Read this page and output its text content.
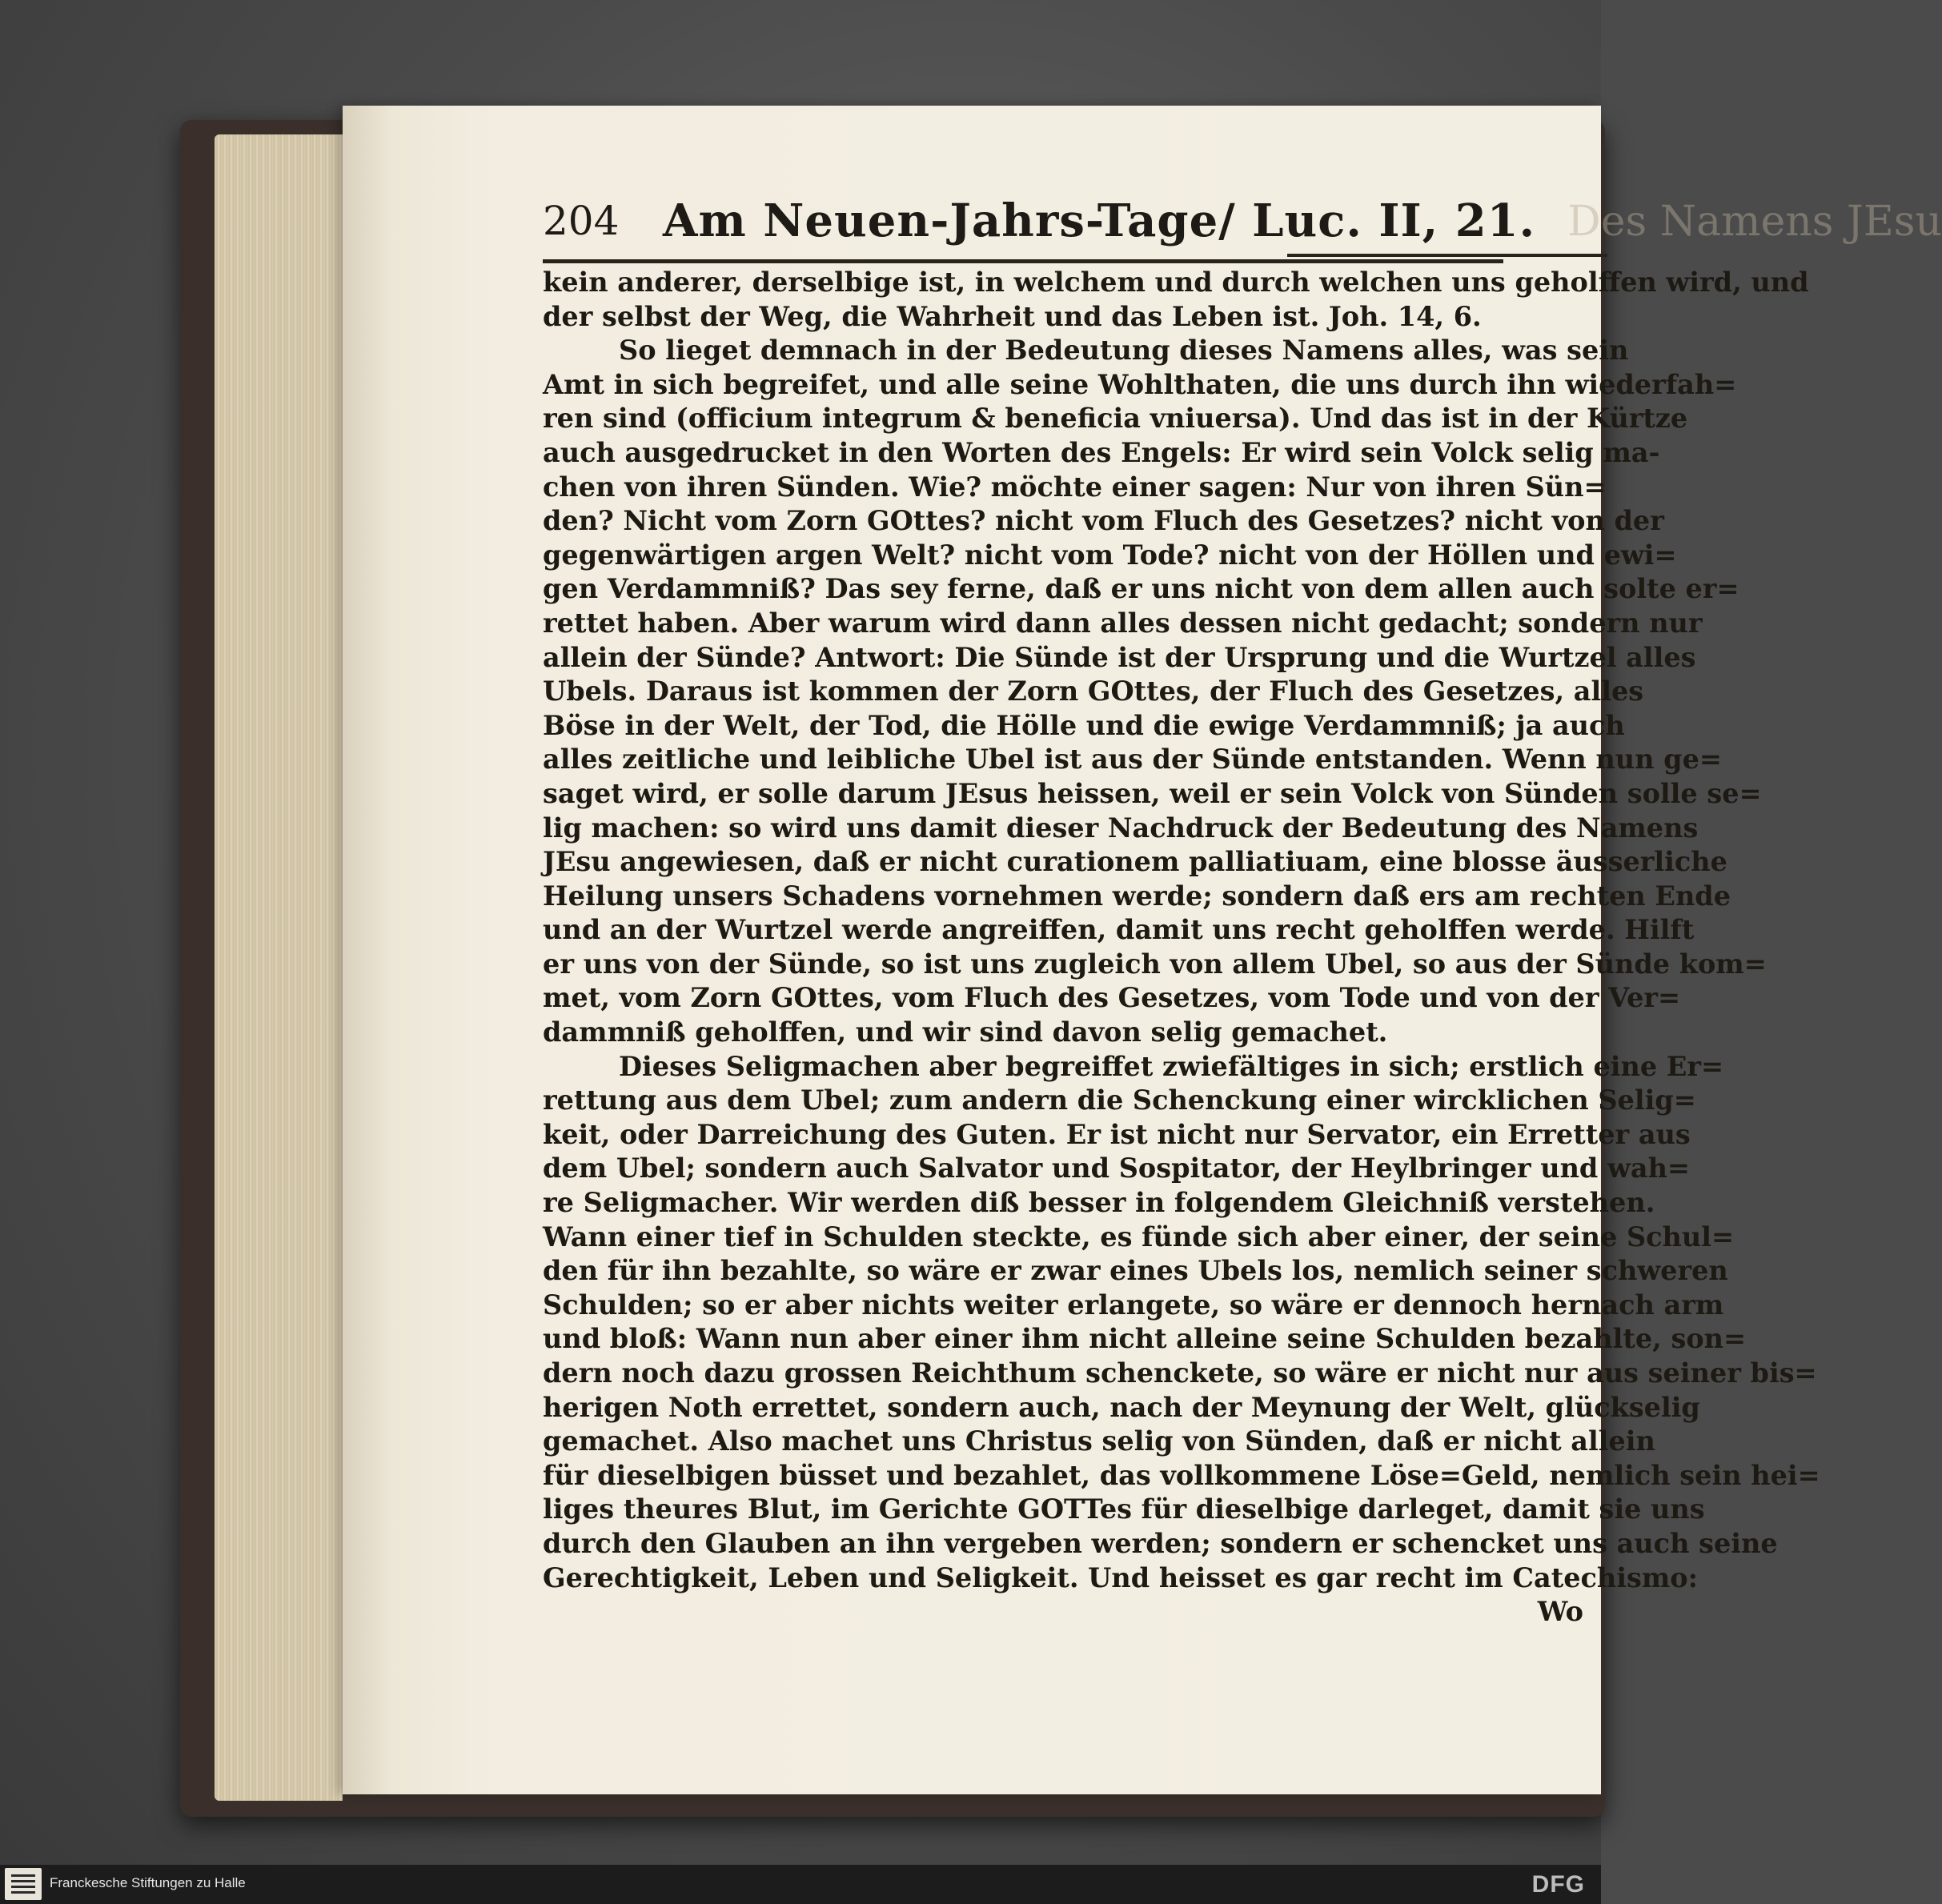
204 Am Neuen-Jahrs-Tage/ Luc. II, 21. Des Namens JEsu
kein anderer, derselbige ist, in welchem und durch welchen uns geholffen wird, und
der selbst der Weg, die Wahrheit und das Leben ist. Joh. 14, 6.
So lieget demnach in der Bedeutung dieses Namens alles, was sein
Amt in sich begreifet, und alle seine Wohlthaten, die uns durch ihn wiederfah=
ren sind (officium integrum & beneficia vniuersa). Und das ist in der Kürtze
auch ausgedrucket in den Worten des Engels: Er wird sein Volck selig ma-
chen von ihren Sünden. Wie? möchte einer sagen: Nur von ihren Sün=
den? Nicht vom Zorn GOttes? nicht vom Fluch des Gesetzes? nicht von der
gegenwärtigen argen Welt? nicht vom Tode? nicht von der Höllen und ewi=
gen Verdammniß? Das sey ferne, daß er uns nicht von dem allen auch solte er=
rettet haben. Aber warum wird dann alles dessen nicht gedacht; sondern nur
allein der Sünde? Antwort: Die Sünde ist der Ursprung und die Wurtzel alles
Ubels. Daraus ist kommen der Zorn GOttes, der Fluch des Gesetzes, alles
Böse in der Welt, der Tod, die Hölle und die ewige Verdammniß; ja auch
alles zeitliche und leibliche Ubel ist aus der Sünde entstanden. Wenn nun ge=
saget wird, er solle darum JEsus heissen, weil er sein Volck von Sünden solle se=
lig machen: so wird uns damit dieser Nachdruck der Bedeutung des Namens
JEsu angewiesen, daß er nicht curationem palliatiuam, eine blosse äusserliche
Heilung unsers Schadens vornehmen werde; sondern daß ers am rechten Ende
und an der Wurtzel werde angreiffen, damit uns recht geholffen werde. Hilft
er uns von der Sünde, so ist uns zugleich von allem Ubel, so aus der Sünde kom=
met, vom Zorn GOttes, vom Fluch des Gesetzes, vom Tode und von der Ver=
dammniß geholffen, und wir sind davon selig gemachet.
Dieses Seligmachen aber begreiffet zwiefältiges in sich; erstlich eine Er=
rettung aus dem Ubel; zum andern die Schenckung einer wircklichen Selig=
keit, oder Darreichung des Guten. Er ist nicht nur Servator, ein Erretter aus
dem Ubel; sondern auch Salvator und Sospitator, der Heylbringer und wah=
re Seligmacher. Wir werden diß besser in folgendem Gleichniß verstehen.
Wann einer tief in Schulden steckte, es fünde sich aber einer, der seine Schul=
den für ihn bezahlte, so wäre er zwar eines Ubels los, nemlich seiner schweren
Schulden; so er aber nichts weiter erlangete, so wäre er dennoch hernach arm
und bloß: Wann nun aber einer ihm nicht alleine seine Schulden bezahlte, son=
dern noch dazu grossen Reichthum schenckete, so wäre er nicht nur aus seiner bis=
herigen Noth errettet, sondern auch, nach der Meynung der Welt, glückselig
gemachet. Also machet uns Christus selig von Sünden, daß er nicht allein
für dieselbigen büsset und bezahlet, das vollkommene Löse=Geld, nemlich sein hei=
liges theures Blut, im Gerichte GOTTes für dieselbige darleget, damit sie uns
durch den Glauben an ihn vergeben werden; sondern er schencket uns auch seine
Gerechtigkeit, Leben und Seligkeit. Und heisset es gar recht im Catechismo:
Wo
Franckesche Stiftungen zu Halle	DFG
